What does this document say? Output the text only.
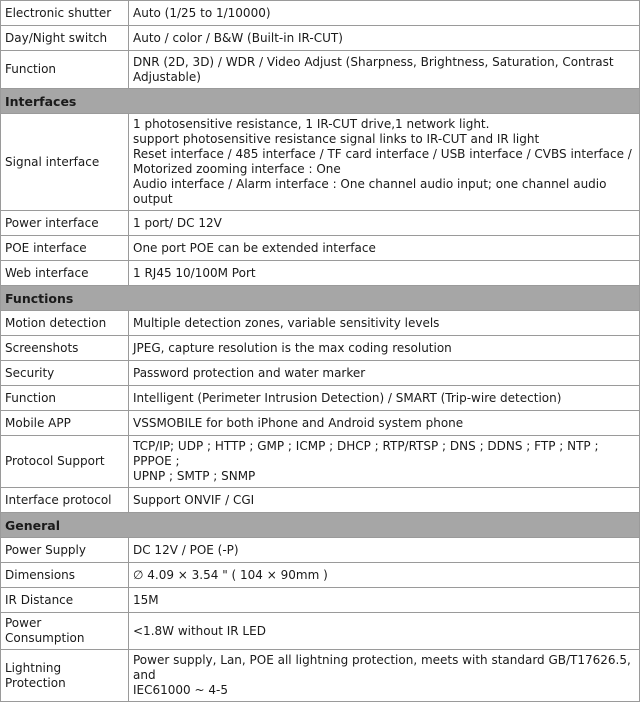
Electronic shutter	Auto (1/25 to 1/10000)
Day/Night switch	Auto / color / B&W (Built-in IR-CUT)
Function	DNR (2D, 3D) / WDR / Video Adjust (Sharpness, Brightness, Saturation, Contrast
Adjustable)
Interfaces	
Signal interface	1 photosensitive resistance, 1 IR-CUT drive,1 network light.
support photosensitive resistance signal links to IR-CUT and IR light
Reset interface / 485 interface / TF card interface / USB interface / CVBS interface /
Motorized zooming interface : One
Audio interface / Alarm interface : One channel audio input; one channel audio output
Power interface	1 port/ DC 12V
POE interface	One port POE can be extended interface
Web interface	1 RJ45 10/100M Port
Functions	
Motion detection	Multiple detection zones, variable sensitivity levels
Screenshots	JPEG, capture resolution is the max coding resolution
Security	Password protection and water marker
Function	Intelligent (Perimeter Intrusion Detection) / SMART (Trip-wire detection)
Mobile APP	VSSMOBILE for both iPhone and Android system phone
Protocol Support	TCP/IP; UDP ; HTTP ; GMP ; ICMP ; DHCP ; RTP/RTSP ; DNS ; DDNS ; FTP ; NTP ; PPPOE ;
UPNP ; SMTP ; SNMP
Interface protocol	Support ONVIF / CGI
General	
Power Supply	DC 12V / POE (-P)
Dimensions	∅ 4.09 × 3.54 " ( 104 × 90mm )
IR Distance	15M
Power Consumption	<1.8W without IR LED
Lightning Protection	Power supply, Lan, POE all lightning protection, meets with standard GB/T17626.5, and
IEC61000 ~ 4-5
